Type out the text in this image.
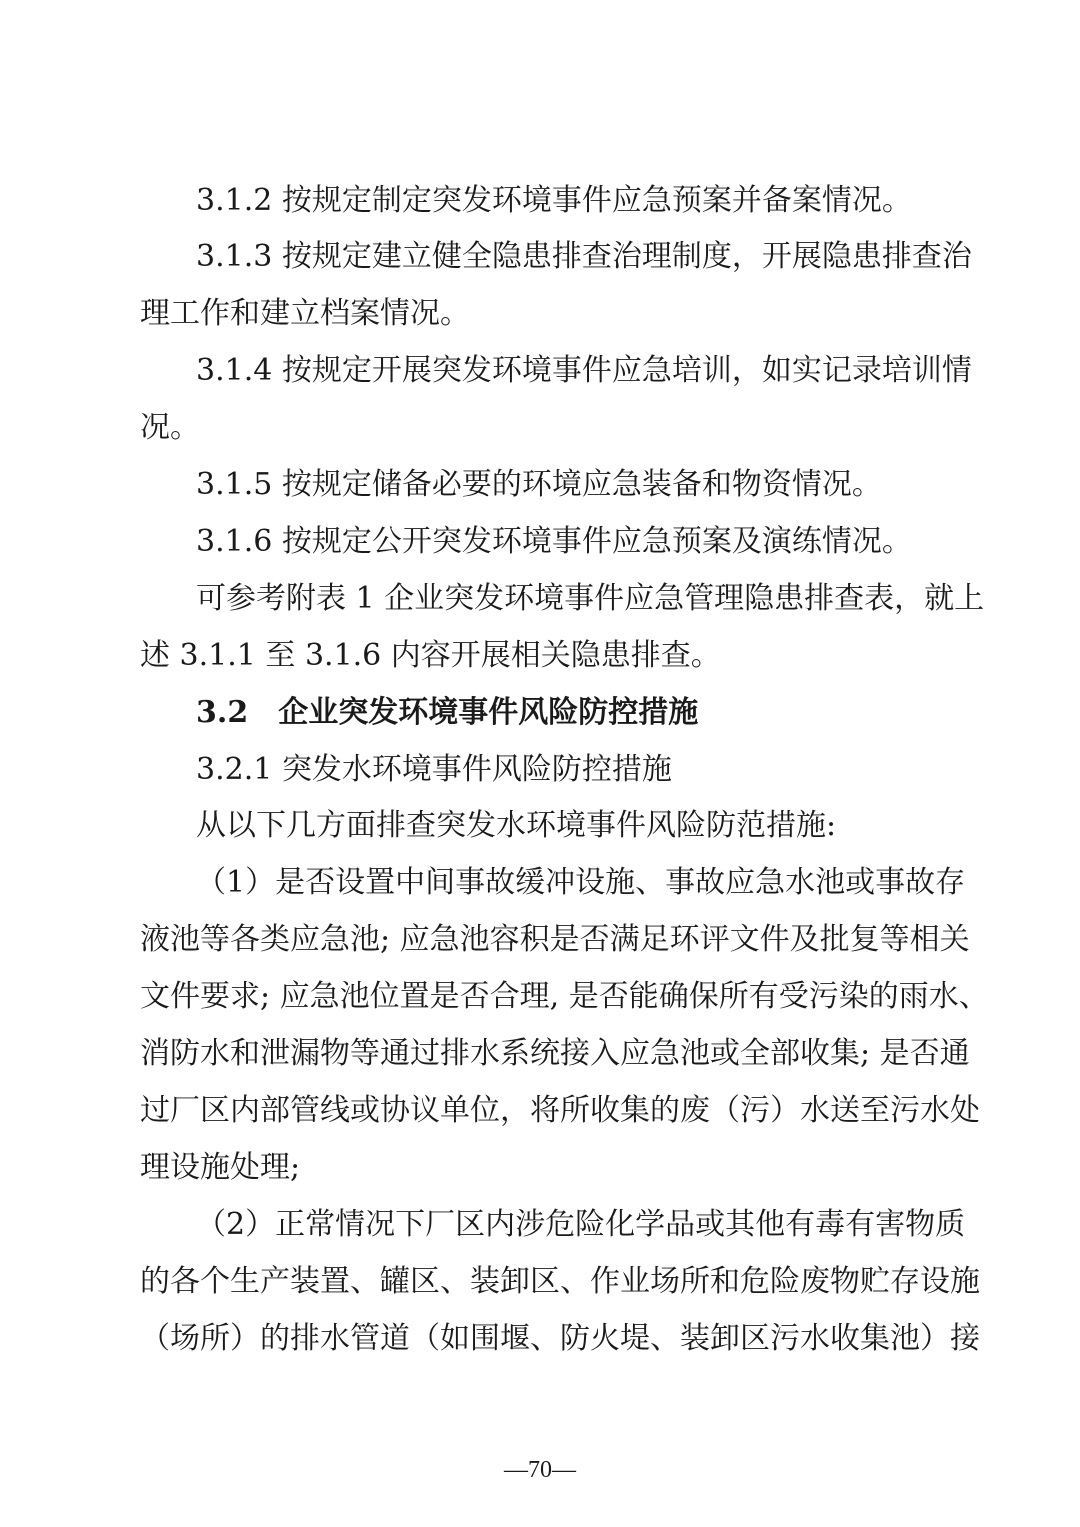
3.1.2 按规定制定突发环境事件应急预案并备案情况。
3.1.3 按规定建立健全隐患排查治理制度，开展隐患排查治
理工作和建立档案情况。
3.1.4 按规定开展突发环境事件应急培训，如实记录培训情
况。
3.1.5 按规定储备必要的环境应急装备和物资情况。
3.1.6 按规定公开突发环境事件应急预案及演练情况。
可参考附表 1 企业突发环境事件应急管理隐患排查表，就上
述 3.1.1 至 3.1.6 内容开展相关隐患排查。
3.2　企业突发环境事件风险防控措施
3.2.1 突发水环境事件风险防控措施
从以下几方面排查突发水环境事件风险防范措施:
（1）是否设置中间事故缓冲设施、事故应急水池或事故存
液池等各类应急池; 应急池容积是否满足环评文件及批复等相关
文件要求; 应急池位置是否合理, 是否能确保所有受污染的雨水、
消防水和泄漏物等通过排水系统接入应急池或全部收集; 是否通
过厂区内部管线或协议单位，将所收集的废（污）水送至污水处
理设施处理;
（2）正常情况下厂区内涉危险化学品或其他有毒有害物质
的各个生产装置、罐区、装卸区、作业场所和危险废物贮存设施
（场所）的排水管道（如围堰、防火堤、装卸区污水收集池）接
—70—
